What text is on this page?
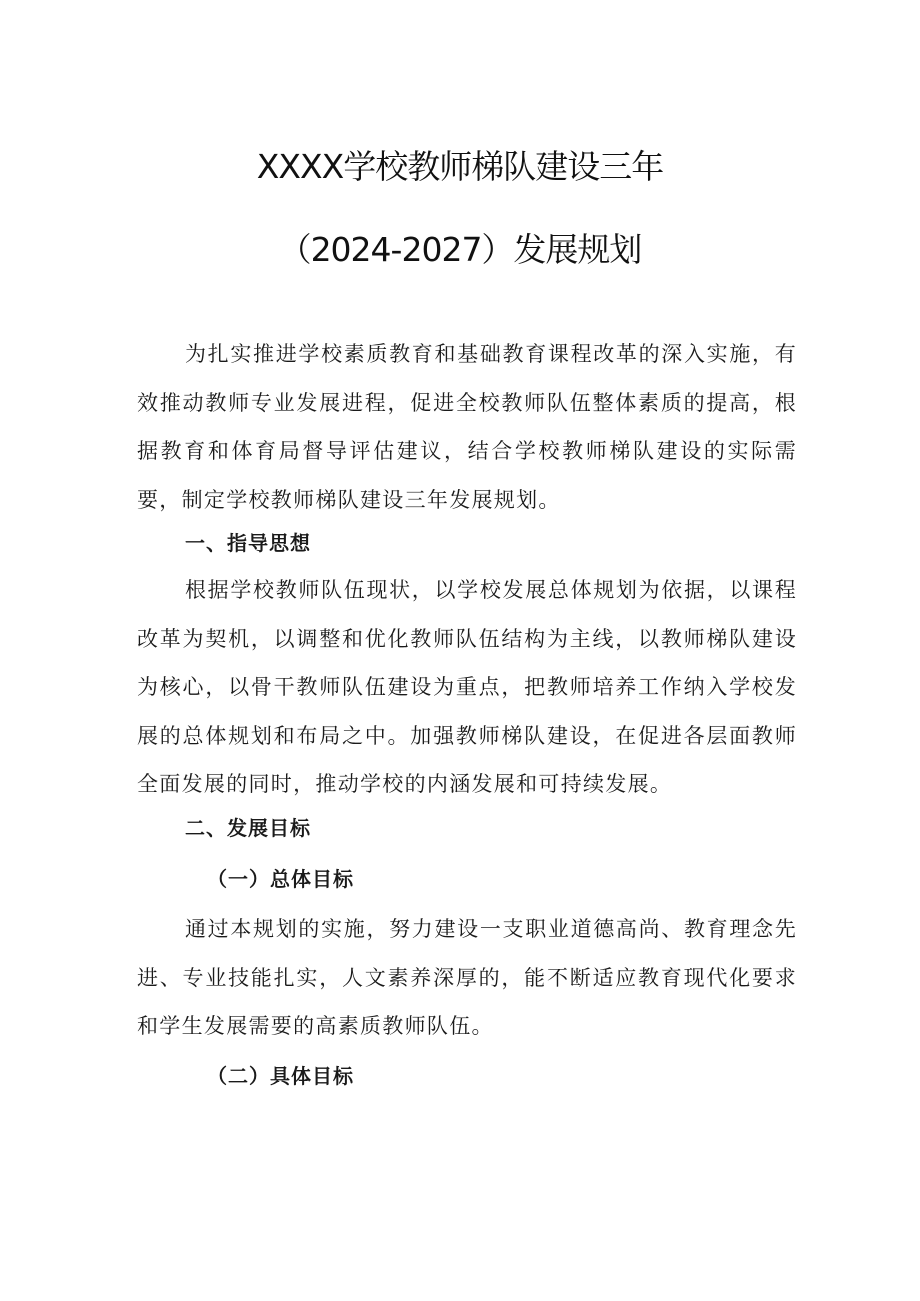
XXXX学校教师梯队建设三年
（2024-2027）发展规划

为扎实推进学校素质教育和基础教育课程改革的深入实施，有效推动教师专业发展进程，促进全校教师队伍整体素质的提高，根据教育和体育局督导评估建议，结合学校教师梯队建设的实际需要，制定学校教师梯队建设三年发展规划。

一、指导思想

根据学校教师队伍现状，以学校发展总体规划为依据，以课程改革为契机，以调整和优化教师队伍结构为主线，以教师梯队建设为核心，以骨干教师队伍建设为重点，把教师培养工作纳入学校发展的总体规划和布局之中。加强教师梯队建设，在促进各层面教师全面发展的同时，推动学校的内涵发展和可持续发展。

二、发展目标

（一）总体目标

通过本规划的实施，努力建设一支职业道德高尚、教育理念先进、专业技能扎实，人文素养深厚的，能不断适应教育现代化要求和学生发展需要的高素质教师队伍。

（二）具体目标
